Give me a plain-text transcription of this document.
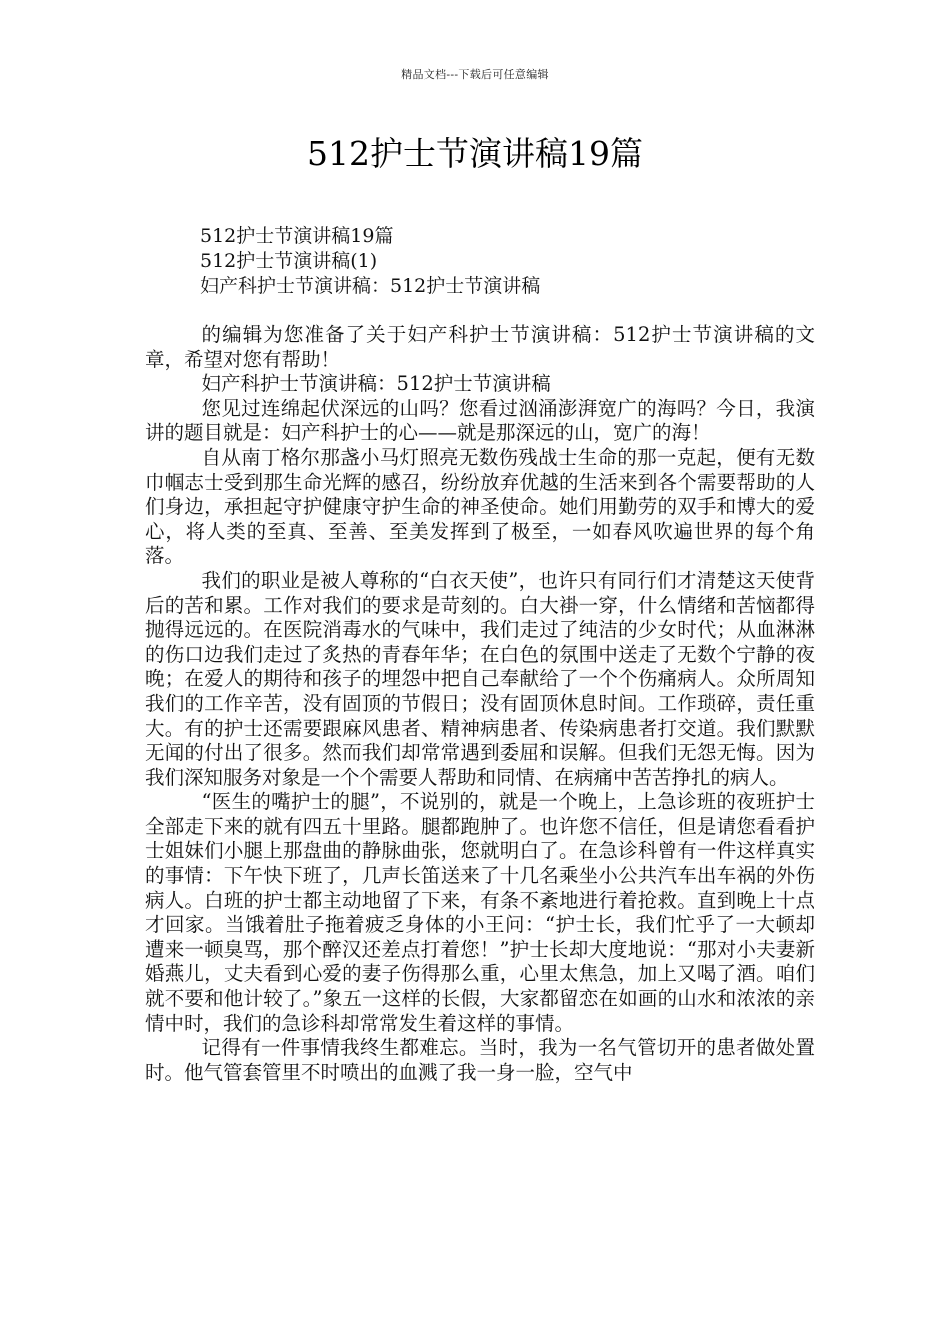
精品文档---下载后可任意编辑
512护士节演讲稿19篇
512护士节演讲稿19篇
512护士节演讲稿(1)
妇产科护士节演讲稿：512护士节演讲稿

的编辑为您准备了关于妇产科护士节演讲稿：512护士节演讲稿的文章，希望对您有帮助！

妇产科护士节演讲稿：512护士节演讲稿

您见过连绵起伏深远的山吗？您看过汹涌澎湃宽广的海吗？今日，我演讲的题目就是：妇产科护士的心——就是那深远的山，宽广的海！

自从南丁格尔那盏小马灯照亮无数伤残战士生命的那一克起，便有无数巾帼志士受到那生命光辉的感召，纷纷放弃优越的生活来到各个需要帮助的人们身边，承担起守护健康守护生命的神圣使命。她们用勤劳的双手和博大的爱心，将人类的至真、至善、至美发挥到了极至，一如春风吹遍世界的每个角落。

我们的职业是被人尊称的“白衣天使”，也许只有同行们才清楚这天使背后的苦和累。工作对我们的要求是苛刻的。白大褂一穿，什么情绪和苦恼都得抛得远远的。在医院消毒水的气味中，我们走过了纯洁的少女时代；从血淋淋的伤口边我们走过了炙热的青春年华；在白色的氛围中送走了无数个宁静的夜晚；在爱人的期待和孩子的埋怨中把自己奉献给了一个个伤痛病人。众所周知我们的工作辛苦，没有固顶的节假日；没有固顶休息时间。工作琐碎，责任重大。有的护士还需要跟麻风患者、精神病患者、传染病患者打交道。我们默默无闻的付出了很多。然而我们却常常遇到委屈和误解。但我们无怨无悔。因为我们深知服务对象是一个个需要人帮助和同情、在病痛中苦苦挣扎的病人。

“医生的嘴护士的腿”，不说别的，就是一个晚上，上急诊班的夜班护士全部走下来的就有四五十里路。腿都跑肿了。也许您不信任，但是请您看看护士姐妹们小腿上那盘曲的静脉曲张，您就明白了。在急诊科曾有一件这样真实的事情：下午快下班了，几声长笛送来了十几名乘坐小公共汽车出车祸的外伤病人。白班的护士都主动地留了下来，有条不紊地进行着抢救。直到晚上十点才回家。当饿着肚子拖着疲乏身体的小王问：“护士长，我们忙乎了一大顿却遭来一顿臭骂，那个醉汉还差点打着您！”护士长却大度地说：“那对小夫妻新婚燕儿，丈夫看到心爱的妻子伤得那么重，心里太焦急，加上又喝了酒。咱们就不要和他计较了。”象五一这样的长假，大家都留恋在如画的山水和浓浓的亲情中时，我们的急诊科却常常发生着这样的事情。

记得有一件事情我终生都难忘。当时，我为一名气管切开的患者做处置时。他气管套管里不时喷出的血溅了我一身一脸，空气中
